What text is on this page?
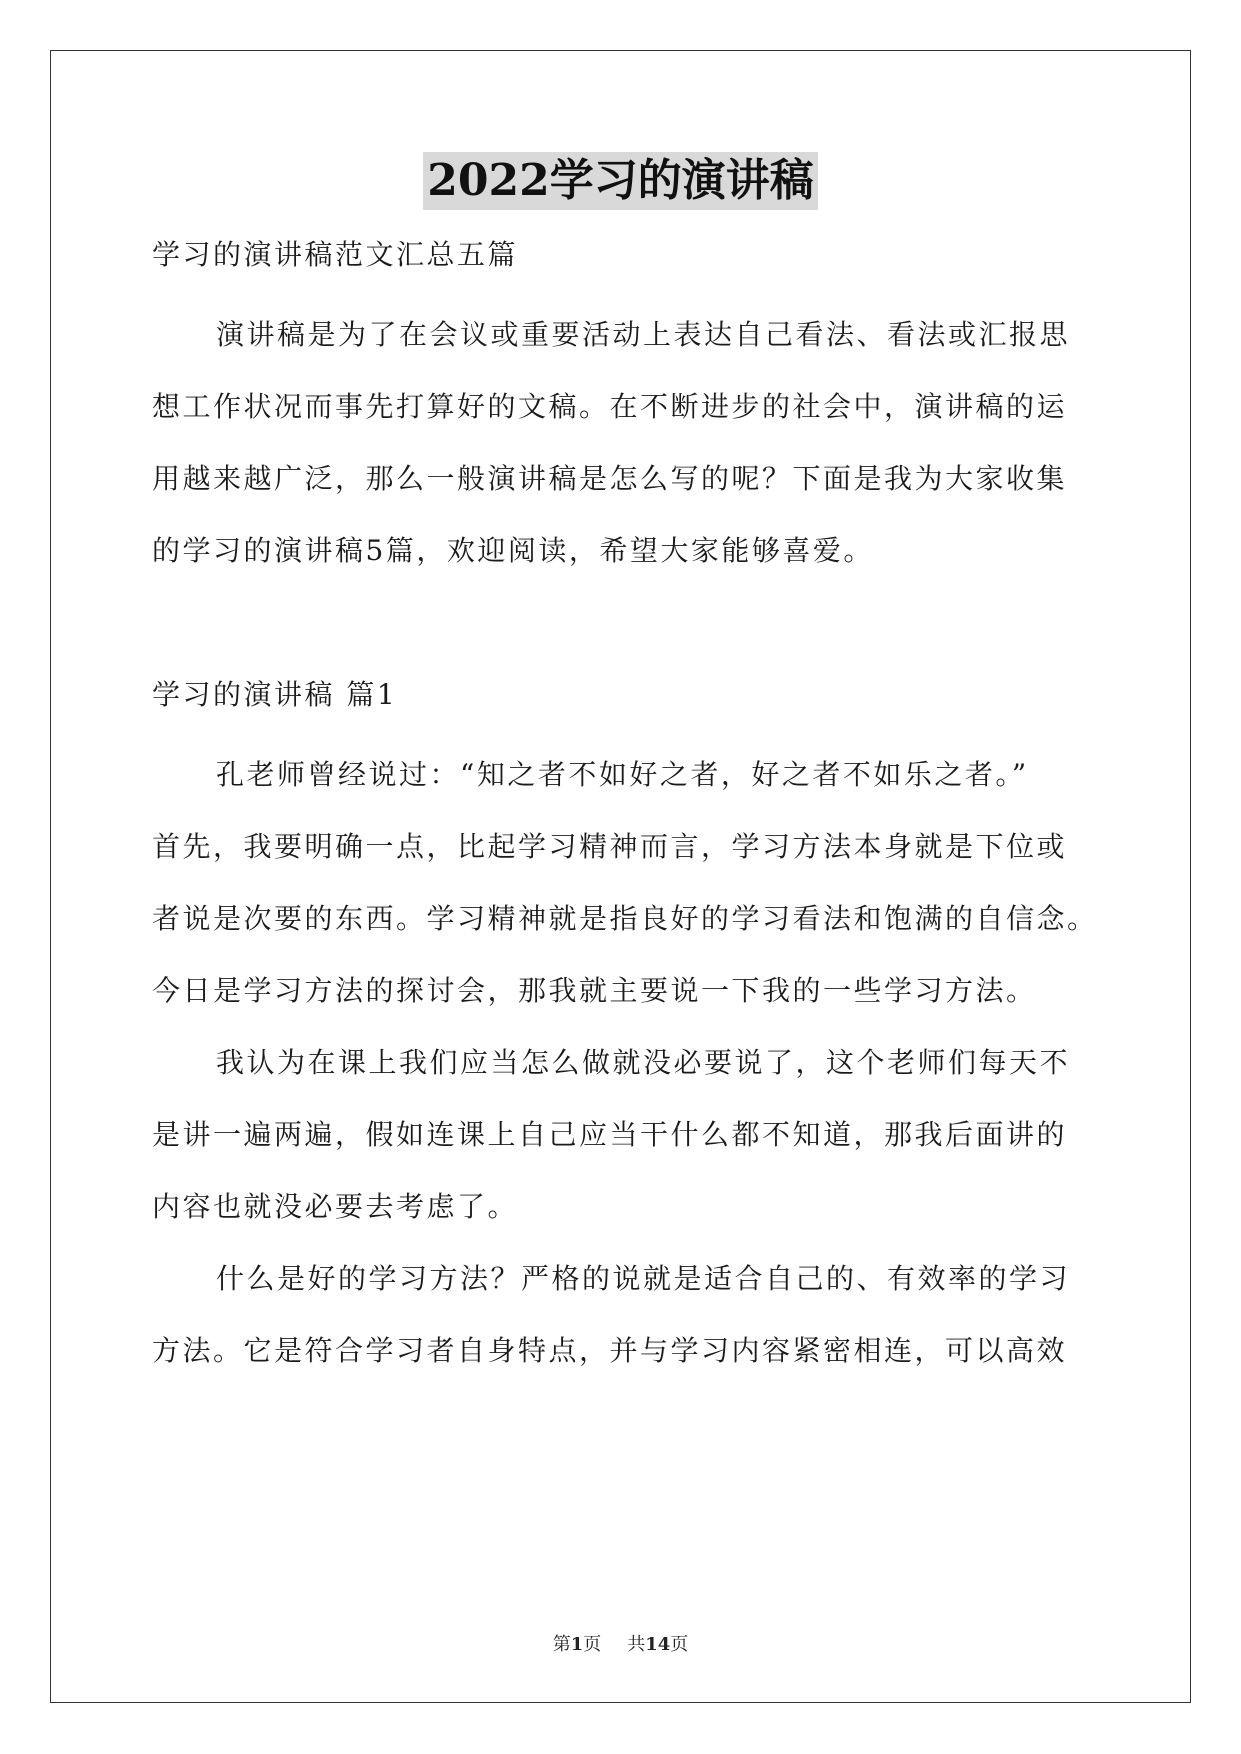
2022学习的演讲稿
学习的演讲稿范文汇总五篇
演讲稿是为了在会议或重要活动上表达自己看法、看法或汇报思
想工作状况而事先打算好的文稿。在不断进步的社会中，演讲稿的运
用越来越广泛，那么一般演讲稿是怎么写的呢？下面是我为大家收集
的学习的演讲稿5篇，欢迎阅读，希望大家能够喜爱。
学习的演讲稿 篇1
孔老师曾经说过：“知之者不如好之者，好之者不如乐之者。”
首先，我要明确一点，比起学习精神而言，学习方法本身就是下位或
者说是次要的东西。学习精神就是指良好的学习看法和饱满的自信念。
今日是学习方法的探讨会，那我就主要说一下我的一些学习方法。
我认为在课上我们应当怎么做就没必要说了，这个老师们每天不
是讲一遍两遍，假如连课上自己应当干什么都不知道，那我后面讲的
内容也就没必要去考虑了。
什么是好的学习方法？严格的说就是适合自己的、有效率的学习
方法。它是符合学习者自身特点，并与学习内容紧密相连，可以高效
第1页 共14页
